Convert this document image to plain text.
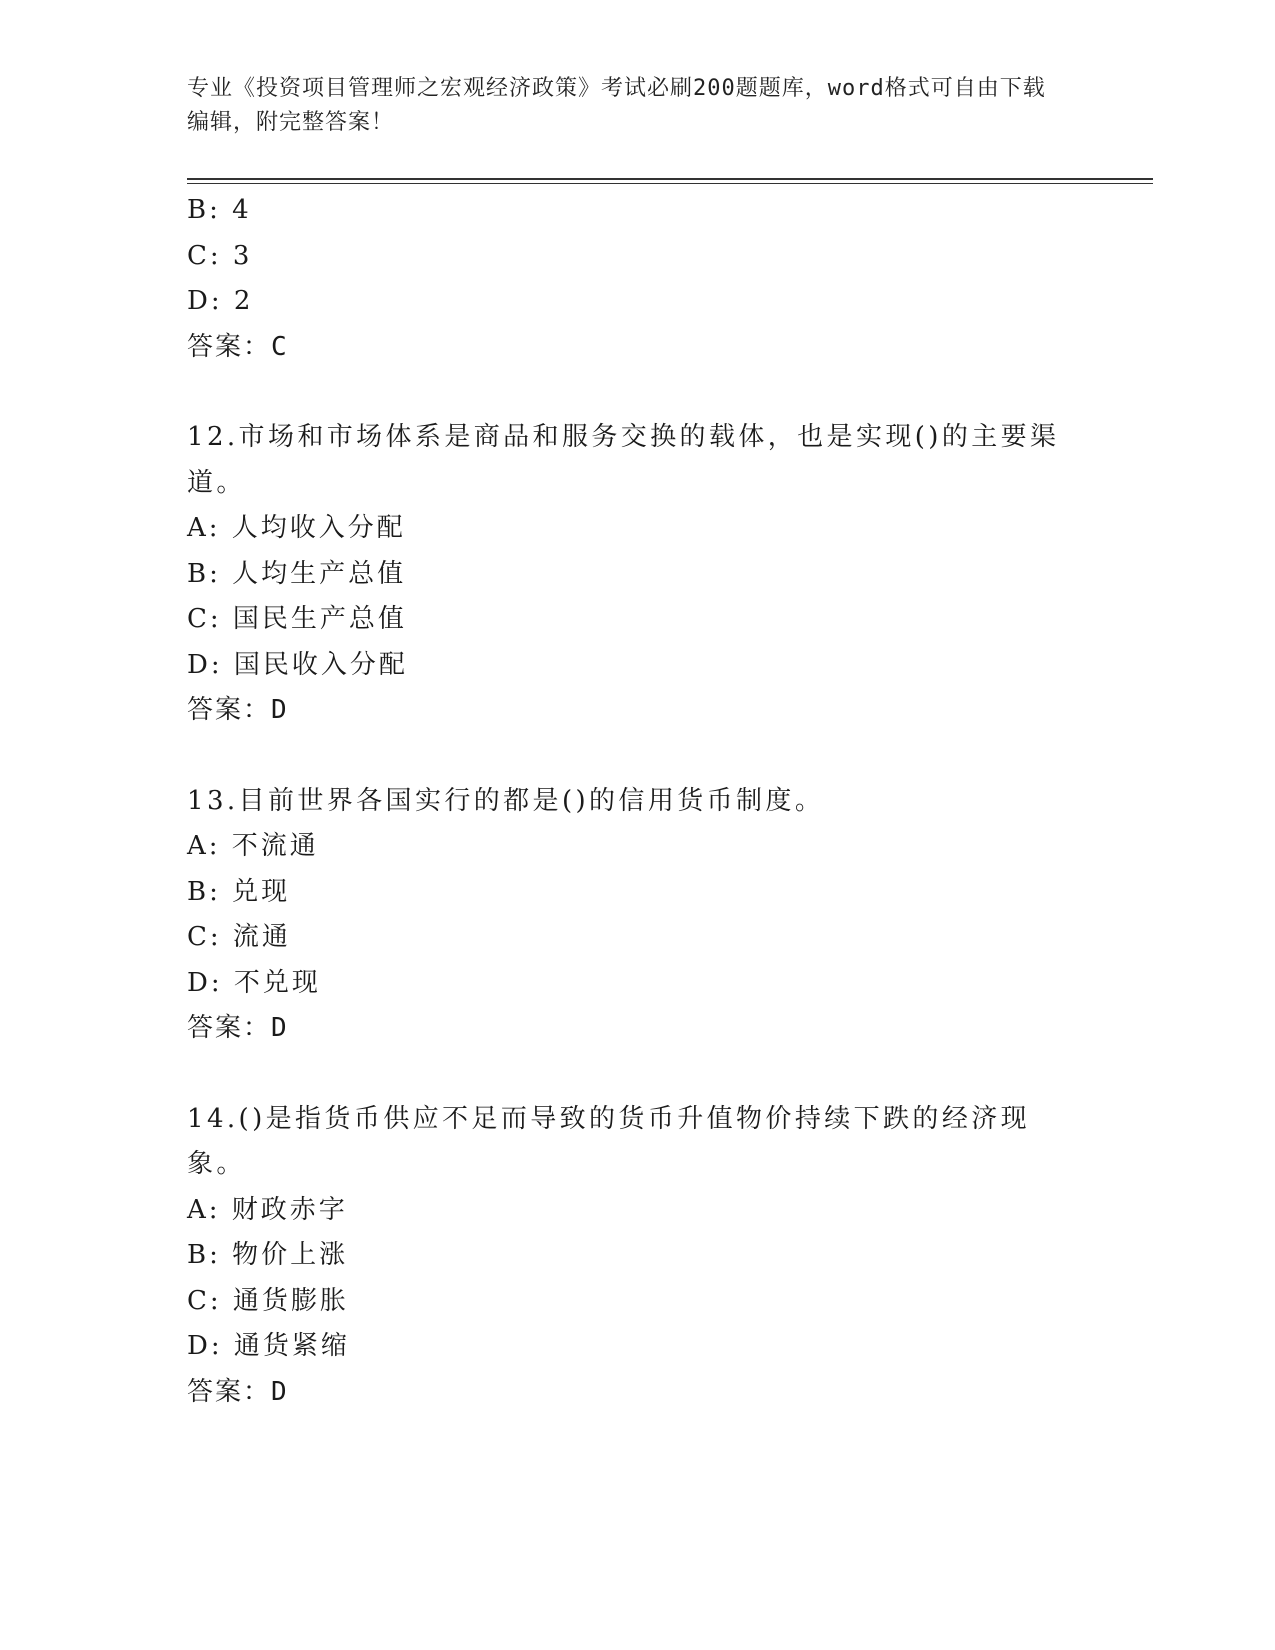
专业《投资项目管理师之宏观经济政策》考试必刷200题题库，word格式可自由下载编辑，附完整答案！
B: 4
C: 3
D: 2
答案：C
12.市场和市场体系是商品和服务交换的载体，也是实现()的主要渠道。
A: 人均收入分配
B: 人均生产总值
C: 国民生产总值
D: 国民收入分配
答案：D
13.目前世界各国实行的都是()的信用货币制度。
A: 不流通
B: 兑现
C: 流通
D: 不兑现
答案：D
14.()是指货币供应不足而导致的货币升值物价持续下跌的经济现象。
A: 财政赤字
B: 物价上涨
C: 通货膨胀
D: 通货紧缩
答案：D
